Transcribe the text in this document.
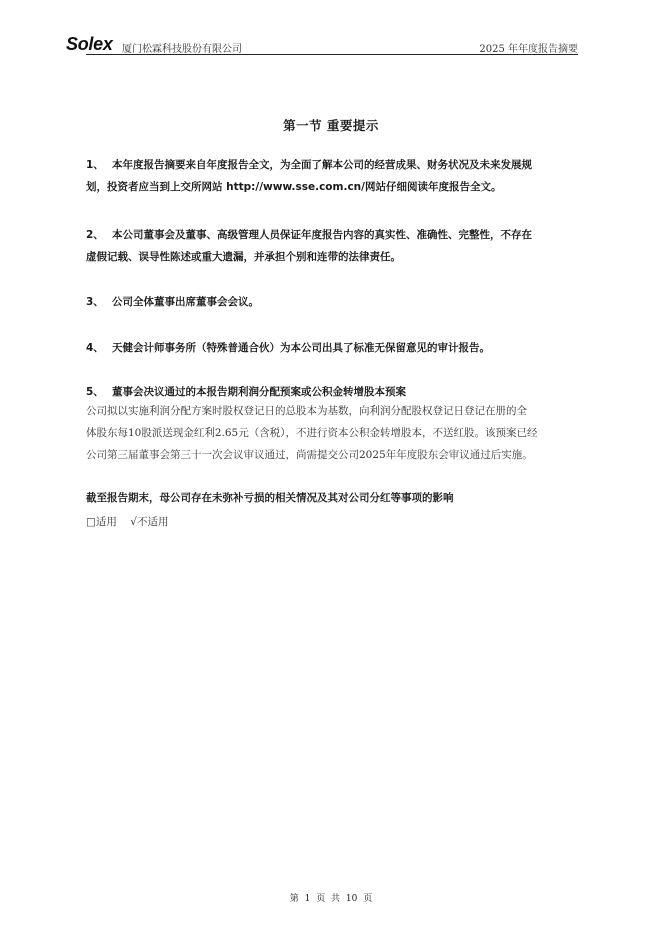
Solex 厦门松霖科技股份有限公司	2025 年年度报告摘要
第一节 重要提示
1、 本年度报告摘要来自年度报告全文，为全面了解本公司的经营成果、财务状况及未来发展规
划，投资者应当到上交所网站 http://www.sse.com.cn/网站仔细阅读年度报告全文。
2、 本公司董事会及董事、高级管理人员保证年度报告内容的真实性、准确性、完整性，不存在
虚假记载、误导性陈述或重大遗漏，并承担个别和连带的法律责任。
3、 公司全体董事出席董事会会议。
4、 天健会计师事务所（特殊普通合伙）为本公司出具了标准无保留意见的审计报告。
5、 董事会决议通过的本报告期利润分配预案或公积金转增股本预案
公司拟以实施利润分配方案时股权登记日的总股本为基数，向利润分配股权登记日登记在册的全
体股东每10股派送现金红利2.65元（含税），不进行资本公积金转增股本，不送红股。该预案已经
公司第三届董事会第三十一次会议审议通过，尚需提交公司2025年年度股东会审议通过后实施。
截至报告期末，母公司存在未弥补亏损的相关情况及其对公司分红等事项的影响
□适用 √不适用
第 1 页 共 10 页
